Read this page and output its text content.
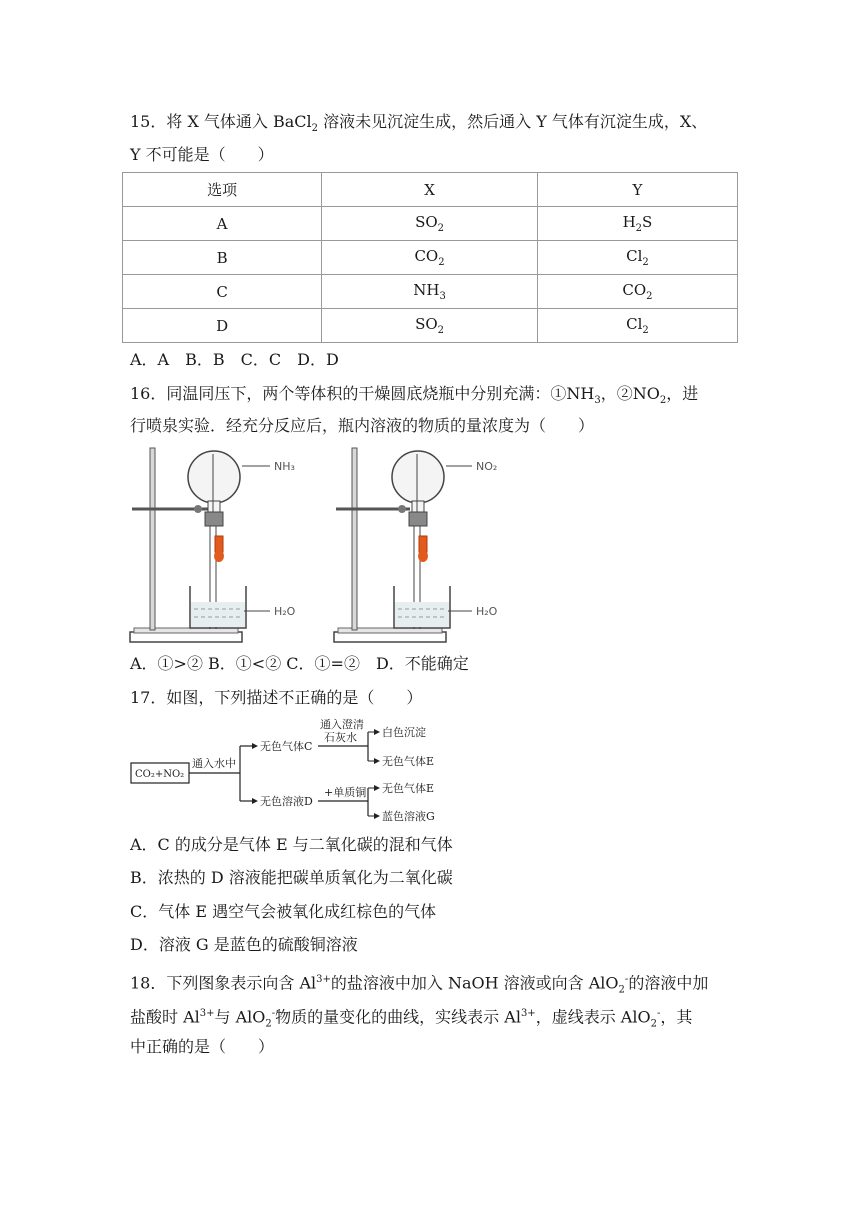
15．将 X 气体通入 BaCl$_2$ 溶液未见沉淀生成，然后通入 Y 气体有沉淀生成，X、
Y 不可能是（　　）
选项	X	Y
A	$SO_2$	$H_2S$
B	$CO_2$	$Cl_2$
C	$NH_3$	$CO_2$
D	$SO_2$	$Cl_2$
A．A　B．B　C．C　D．D
16．同温同压下，两个等体积的干燥圆底烧瓶中分别充满：$①NH_3$，$②NO_2$，进
行喷泉实验．经充分反应后，瓶内溶液的物质的量浓度为（　　）
NH₃
H₂O
NO₂
H₂O
A．①>② B．①<② C．①=②　D．不能确定
17．如图，下列描述不正确的是（　　）
CO₂+NO₂
通入水中
无色气体C
无色溶液D
通入澄清
石灰水 白色沉淀
无色气体E
+单质铜 无色气体E
蓝色溶液G
A．C 的成分是气体 E 与二氧化碳的混和气体
B．浓热的 D 溶液能把碳单质氧化为二氧化碳
C．气体 E 遇空气会被氧化成红棕色的气体
D．溶液 G 是蓝色的硫酸铜溶液
18．下列图象表示向含 $Al^{3+}$的盐溶液中加入 NaOH 溶液或向含 AlO$_2$-的溶液中加
盐酸时 $Al^{3+}$与 AlO$_2$-物质的量变化的曲线，实线表示 $Al^{3+}$，虚线表示 AlO$_2$-，其
中正确的是（　　）
